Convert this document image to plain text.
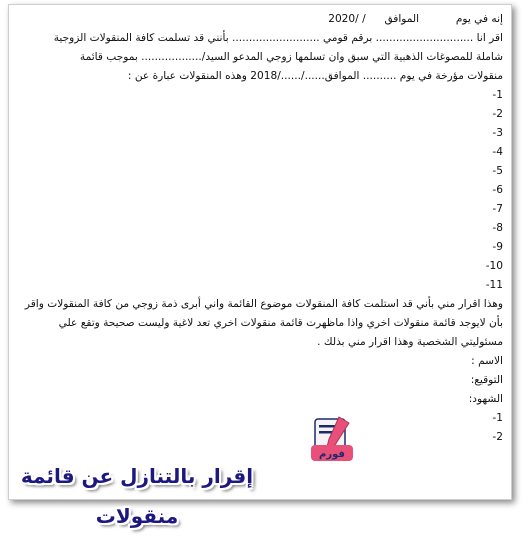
إنه في يوم  الموافق  / /2020
اقر انا ............................. برقم قومي .......................... بأنني قد تسلمت كافة المنقولات الزوجية
شاملة للمصوغات الذهبية التي سبق وان تسلمها زوجي المدعو السيد/.................. بموجب قائمة
منقولات مؤرخة في يوم .......... الموافق....../....../2018 وهذه المنقولات عبارة عن :
1-
2-
3-
4-
5-
6-
7-
8-
9-
10-
11-
وهذا اقرار مني بأني قد استلمت كافة المنقولات موضوع القائمة واني أبرى ذمة زوجي من كافة المنقولات واقر بأن لايوجد قائمة منقولات اخري واذا ماظهرت قائمة منقولات اخري تعد لاغية وليست صحيحة وتقع علي مسئوليتي الشخصية وهذا اقرار مني بذلك .
الاسم :
التوقيع:
الشهود:
1-
2-
فورم
إقرار بالتنازل عن قائمة منقولات
